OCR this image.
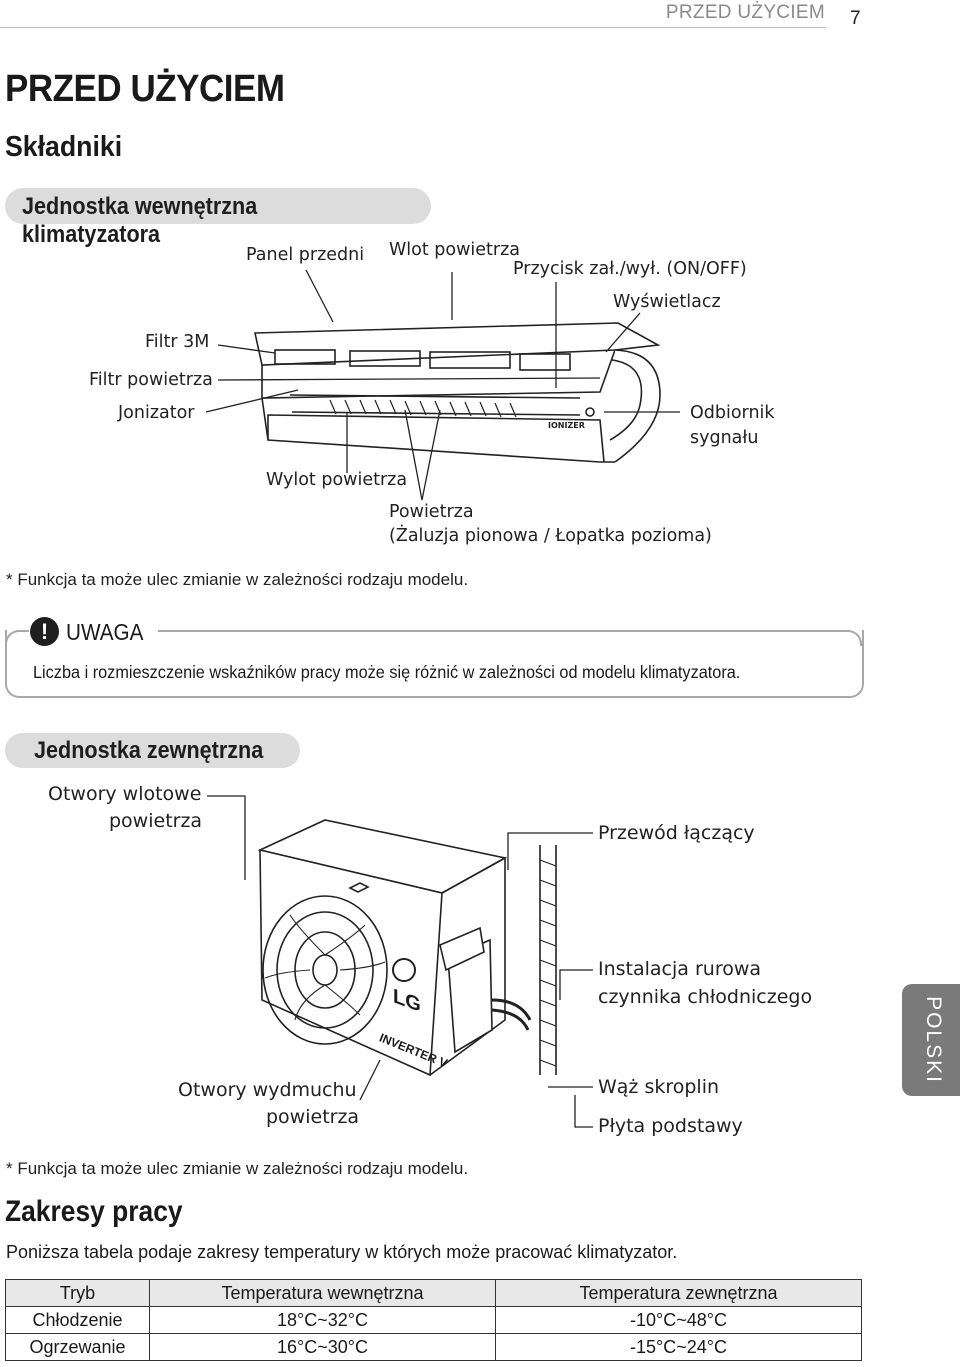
PRZED UŻYCIEM 7
PRZED UŻYCIEM
Składniki
Jednostka wewnętrzna klimatyzatora
IONIZER
Panel przedni Wlot powietrza
Przycisk zał./wył. (ON/OFF)
Wyświetlacz
Filtr 3M
Filtr powietrza
Jonizator	Odbiornik
sygnału
Wylot powietrza
Powietrza
(Żaluzja pionowa / Łopatka pozioma)
* Funkcja ta może ulec zmianie w zależności rodzaju modelu.
! UWAGA
Liczba i rozmieszczenie wskaźników pracy może się różnić w zależności od modelu klimatyzatora.
Jednostka zewnętrzna
LG
INVERTER V
Otwory wlotowe
powietrza
Przewód łączący
Instalacja rurowa
czynnika chłodniczego
Otwory wydmuchu
powietrza
Wąż skroplin
Płyta podstawy
* Funkcja ta może ulec zmianie w zależności rodzaju modelu.
POLSKI
Zakresy pracy
Poniższa tabela podaje zakresy temperatury w których może pracować klimatyzator.
Tryb	Temperatura wewnętrzna	Temperatura zewnętrzna
Chłodzenie	18°C~32°C	-10°C~48°C
Ogrzewanie	16°C~30°C	-15°C~24°C
